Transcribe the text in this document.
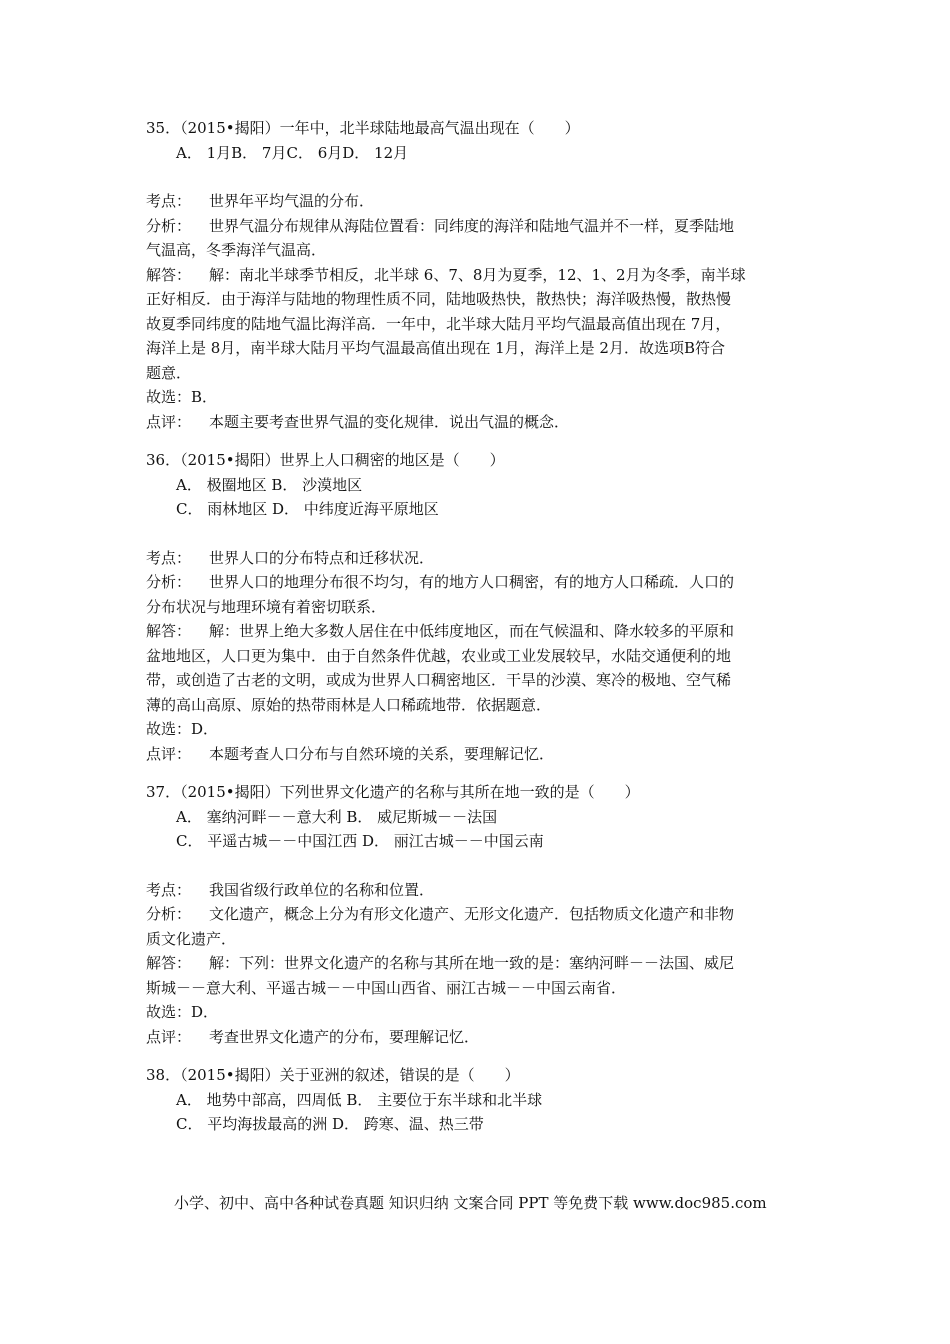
35．（2015•揭阳）一年中，北半球陆地最高气温出现在（　　）
A． 1月B． 7月C． 6月D． 12月
考点： 世界年平均气温的分布．
分析： 世界气温分布规律从海陆位置看：同纬度的海洋和陆地气温并不一样，夏季陆地
气温高，冬季海洋气温高．
解答： 解：南北半球季节相反，北半球 6、7、8月为夏季，12、1、2月为冬季，南半球
正好相反．由于海洋与陆地的物理性质不同，陆地吸热快，散热快；海洋吸热慢，散热慢
故夏季同纬度的陆地气温比海洋高．一年中，北半球大陆月平均气温最高值出现在 7月，
海洋上是 8月，南半球大陆月平均气温最高值出现在 1月，海洋上是 2月．故选项B符合
题意．
故选：B．
点评： 本题主要考查世界气温的变化规律．说出气温的概念．
36．（2015•揭阳）世界上人口稠密的地区是（　　）
A． 极圈地区 B． 沙漠地区
C． 雨林地区 D． 中纬度近海平原地区
考点： 世界人口的分布特点和迁移状况．
分析： 世界人口的地理分布很不均匀，有的地方人口稠密，有的地方人口稀疏．人口的
分布状况与地理环境有着密切联系．
解答： 解：世界上绝大多数人居住在中低纬度地区，而在气候温和、降水较多的平原和
盆地地区，人口更为集中．由于自然条件优越，农业或工业发展较早，水陆交通便利的地
带，或创造了古老的文明，或成为世界人口稠密地区．干旱的沙漠、寒冷的极地、空气稀
薄的高山高原、原始的热带雨林是人口稀疏地带．依据题意．
故选：D．
点评： 本题考查人口分布与自然环境的关系，要理解记忆．
37．（2015•揭阳）下列世界文化遗产的名称与其所在地一致的是（　　）
A． 塞纳河畔－－意大利 B． 威尼斯城－－法国
C． 平遥古城－－中国江西 D． 丽江古城－－中国云南
考点： 我国省级行政单位的名称和位置．
分析： 文化遗产，概念上分为有形文化遗产、无形文化遗产．包括物质文化遗产和非物
质文化遗产．
解答： 解：下列：世界文化遗产的名称与其所在地一致的是：塞纳河畔－－法国、威尼
斯城－－意大利、平遥古城－－中国山西省、丽江古城－－中国云南省．
故选：D．
点评： 考查世界文化遗产的分布，要理解记忆．
38．（2015•揭阳）关于亚洲的叙述，错误的是（　　）
A． 地势中部高，四周低 B． 主要位于东半球和北半球
C． 平均海拔最高的洲 D． 跨寒、温、热三带
小学、初中、高中各种试卷真题 知识归纳 文案合同 PPT 等免费下载 www.doc985.com
